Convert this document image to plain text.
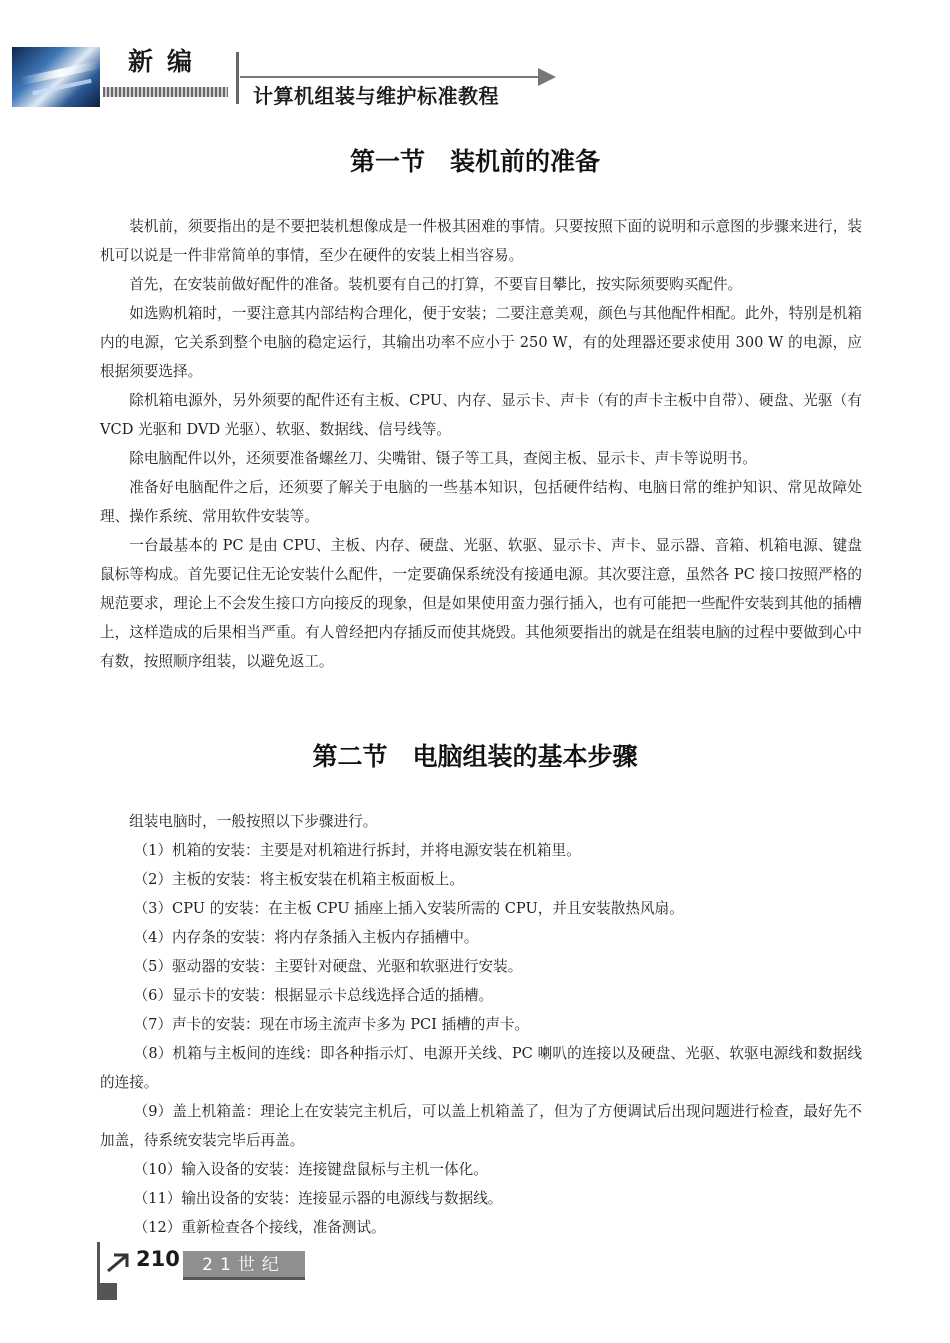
新编
计算机组装与维护标准教程
第一节　装机前的准备

装机前，须要指出的是不要把装机想像成是一件极其困难的事情。只要按照下面的说明和示意图的步骤来进行，装机可以说是一件非常简单的事情，至少在硬件的安装上相当容易。

首先，在安装前做好配件的准备。装机要有自己的打算，不要盲目攀比，按实际须要购买配件。

如选购机箱时，一要注意其内部结构合理化，便于安装；二要注意美观，颜色与其他配件相配。此外，特别是机箱内的电源，它关系到整个电脑的稳定运行，其输出功率不应小于 250 W，有的处理器还要求使用 300 W 的电源，应根据须要选择。

除机箱电源外，另外须要的配件还有主板、CPU、内存、显示卡、声卡（有的声卡主板中自带）、硬盘、光驱（有 VCD 光驱和 DVD 光驱）、软驱、数据线、信号线等。

除电脑配件以外，还须要准备螺丝刀、尖嘴钳、镊子等工具，查阅主板、显示卡、声卡等说明书。

准备好电脑配件之后，还须要了解关于电脑的一些基本知识，包括硬件结构、电脑日常的维护知识、常见故障处理、操作系统、常用软件安装等。

一台最基本的 PC 是由 CPU、主板、内存、硬盘、光驱、软驱、显示卡、声卡、显示器、音箱、机箱电源、键盘鼠标等构成。首先要记住无论安装什么配件，一定要确保系统没有接通电源。其次要注意，虽然各 PC 接口按照严格的规范要求，理论上不会发生接口方向接反的现象，但是如果使用蛮力强行插入，也有可能把一些配件安装到其他的插槽上，这样造成的后果相当严重。有人曾经把内存插反而使其烧毁。其他须要指出的就是在组装电脑的过程中要做到心中有数，按照顺序组装，以避免返工。

第二节　电脑组装的基本步骤

组装电脑时，一般按照以下步骤进行。

（1）机箱的安装：主要是对机箱进行拆封，并将电源安装在机箱里。

（2）主板的安装：将主板安装在机箱主板面板上。

（3）CPU 的安装：在主板 CPU 插座上插入安装所需的 CPU，并且安装散热风扇。

（4）内存条的安装：将内存条插入主板内存插槽中。

（5）驱动器的安装：主要针对硬盘、光驱和软驱进行安装。

（6）显示卡的安装：根据显示卡总线选择合适的插槽。

（7）声卡的安装：现在市场主流声卡多为 PCI 插槽的声卡。

（8）机箱与主板间的连线：即各种指示灯、电源开关线、PC 喇叭的连接以及硬盘、光驱、软驱电源线和数据线的连接。

（9）盖上机箱盖：理论上在安装完主机后，可以盖上机箱盖了，但为了方便调试后出现问题进行检查，最好先不加盖，待系统安装完毕后再盖。

（10）输入设备的安装：连接键盘鼠标与主机一体化。

（11）输出设备的安装：连接显示器的电源线与数据线。

（12）重新检查各个接线，准备测试。

210	21世纪
